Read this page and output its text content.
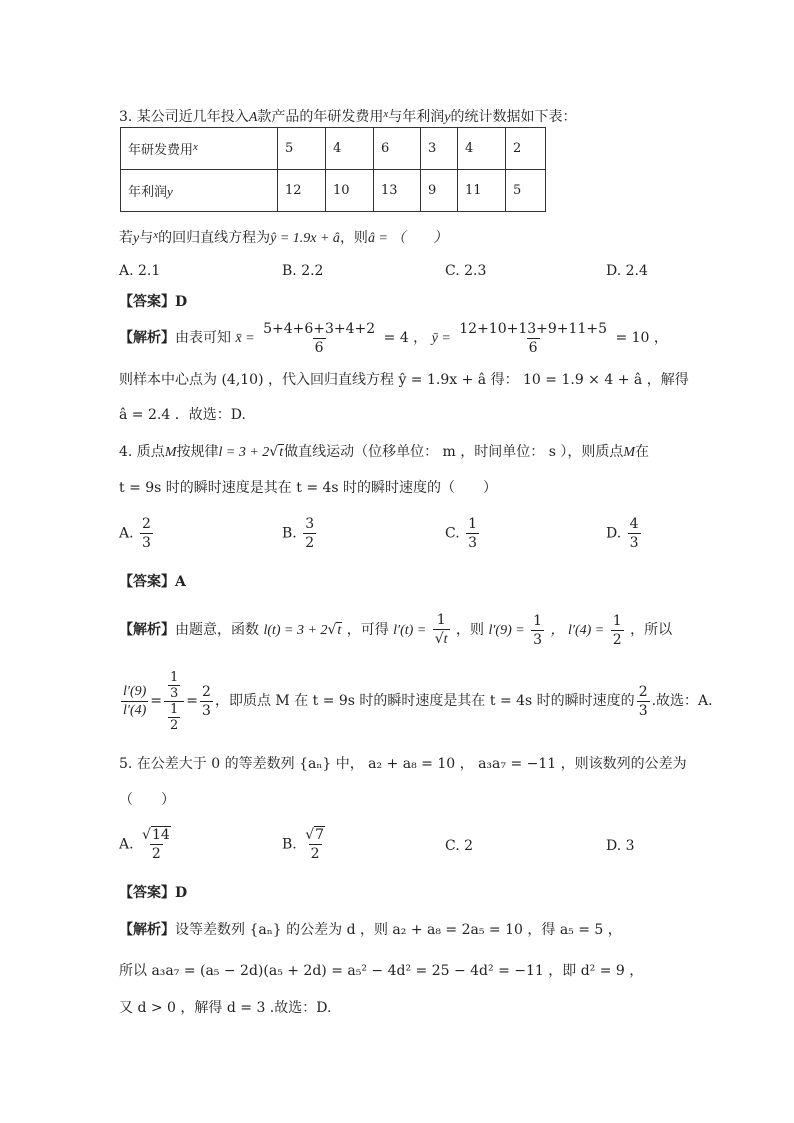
3. 某公司近几年投入A款产品的年研发费用$^x$与年利润y的统计数据如下表：
年研发费用$^x$	5	4	6	3	4	2
年利润y	12	10	13	9	11	5
若y与$^x$的回归直线方程为ŷ = 1.9x + â，则â = （　　）
A. 2.1	B. 2.2	C. 2.3	D. 2.4
【答案】D
【解析】由表可知 x̄ = $\frac{5+4+6+3+4+2}{6} = 4$ ， ȳ = $\frac{12+10+13+9+11+5}{6} = 10$ ，
则样本中心点为 (4,10) ，代入回归直线方程 ŷ = 1.9x + â 得： 10 = 1.9 × 4 + â ，解得
â = 2.4 ．故选：D.
4. 质点M按规律l = 3 + 2√t做直线运动（位移单位： m ，时间单位： s ），则质点M在
t = 9s 时的瞬时速度是其在 t = 4s 时的瞬时速度的（　　）
A. $\frac{2}{3}$	B. $\frac{3}{2}$	C. $\frac{1}{3}$	D. $\frac{4}{3}$
【答案】A
【解析】由题意，函数 l(t) = 3 + 2√t ，可得 $l'(t) = \frac{1}{√t}$ ，则 $l'(9) = \frac{1}{3}$ ， $l'(4) = \frac{1}{2}$ ，所以
$\frac{l'(9)}{l'(4)} = \frac{\frac{1}{3}}{\frac{1}{2}} = \frac{2}{3}$ ，即质点 M 在 t = 9s 时的瞬时速度是其在 t = 4s 时的瞬时速度的 $\frac{2}{3}$ .故选：A.
5. 在公差大于 0 的等差数列 {aₙ} 中， a₂ + a₈ = 10 ， a₃a₇ = −11 ，则该数列的公差为
（　　）
A. $\frac{√14}{2}$	B. $\frac{√7}{2}$	C. 2	D. 3
【答案】D
【解析】设等差数列 {aₙ} 的公差为 d ，则 a₂ + a₈ = 2a₅ = 10 ，得 a₅ = 5 ，
所以 a₃a₇ = (a₅ − 2d)(a₅ + 2d) = a₅² − 4d² = 25 − 4d² = −11 ，即 d² = 9 ，
又 d > 0 ，解得 d = 3 .故选：D.
